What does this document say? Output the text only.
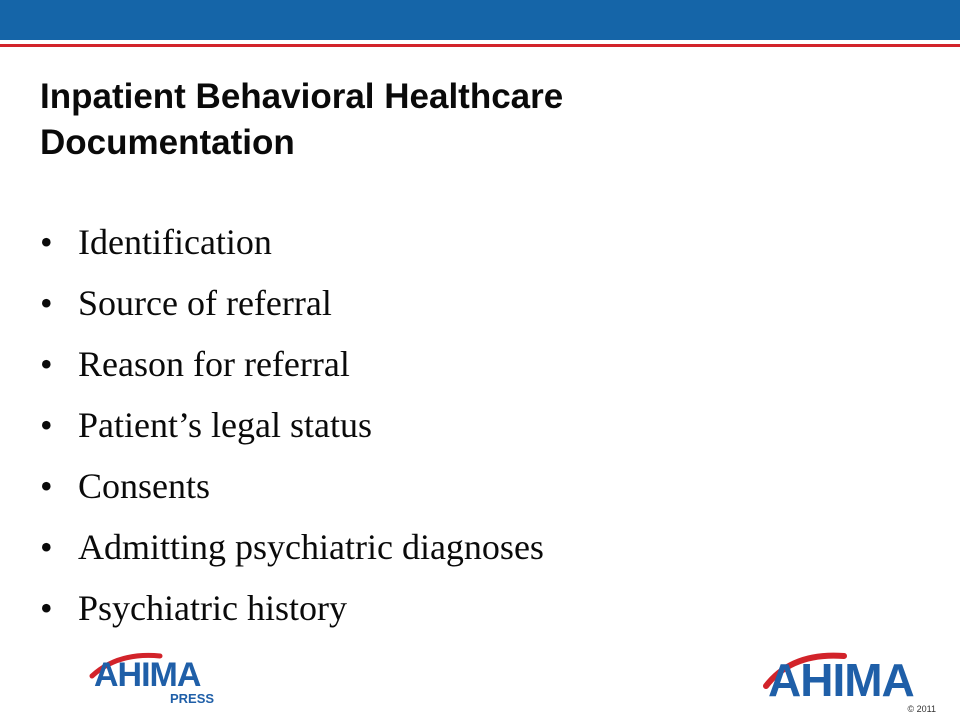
Inpatient Behavioral Healthcare
Documentation
• Identification
• Source of referral
• Reason for referral
• Patient’s legal status
• Consents
• Admitting psychiatric diagnoses
• Psychiatric history
AHIMA
PRESS	AHIMA
© 2011
